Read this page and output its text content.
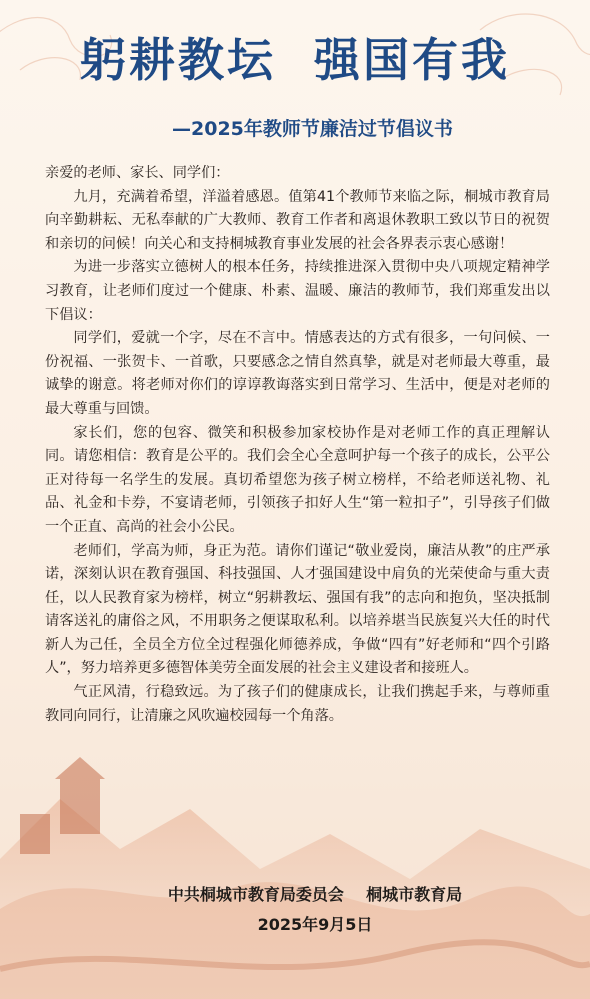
躬耕教坛  强国有我
—2025年教师节廉洁过节倡议书

亲爱的老师、家长、同学们：

九月，充满着希望，洋溢着感恩。值第41个教师节来临之际，桐城市教育局向辛勤耕耘、无私奉献的广大教师、教育工作者和离退休教职工致以节日的祝贺和亲切的问候！向关心和支持桐城教育事业发展的社会各界表示衷心感谢！

为进一步落实立德树人的根本任务，持续推进深入贯彻中央八项规定精神学习教育，让老师们度过一个健康、朴素、温暖、廉洁的教师节，我们郑重发出以下倡议：

同学们，爱就一个字，尽在不言中。情感表达的方式有很多，一句问候、一份祝福、一张贺卡、一首歌，只要感念之情自然真挚，就是对老师最大尊重，最诚挚的谢意。将老师对你们的谆谆教诲落实到日常学习、生活中，便是对老师的最大尊重与回馈。

家长们，您的包容、微笑和积极参加家校协作是对老师工作的真正理解认同。请您相信：教育是公平的。我们会全心全意呵护每一个孩子的成长，公平公正对待每一名学生的发展。真切希望您为孩子树立榜样，不给老师送礼物、礼品、礼金和卡券，不宴请老师，引领孩子扣好人生“第一粒扣子”，引导孩子们做一个正直、高尚的社会小公民。

老师们，学高为师，身正为范。请你们谨记“敬业爱岗，廉洁从教”的庄严承诺，深刻认识在教育强国、科技强国、人才强国建设中肩负的光荣使命与重大责任，以人民教育家为榜样，树立“躬耕教坛、强国有我”的志向和抱负，坚决抵制请客送礼的庸俗之风，不用职务之便谋取私利。以培养堪当民族复兴大任的时代新人为己任，全员全方位全过程强化师德养成，争做“四有”好老师和“四个引路人”，努力培养更多德智体美劳全面发展的社会主义建设者和接班人。

气正风清，行稳致远。为了孩子们的健康成长，让我们携起手来，与尊师重教同向同行，让清廉之风吹遍校园每一个角落。

中共桐城市教育局委员会    桐城市教育局
2025年9月5日
